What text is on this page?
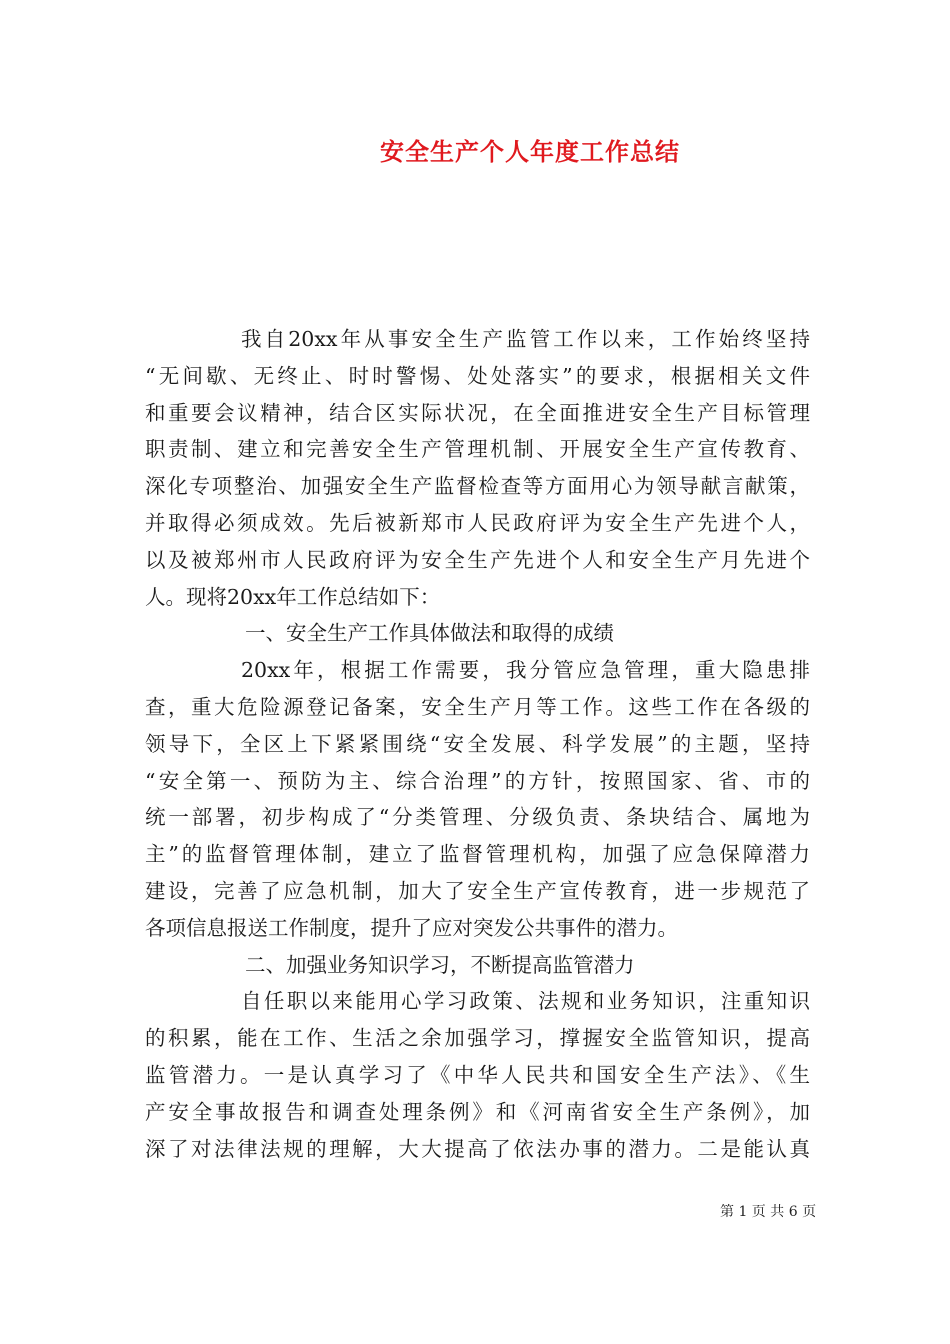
安全生产个人年度工作总结
我自20xx年从事安全生产监管工作以来，工作始终坚持
“无间歇、无终止、时时警惕、处处落实”的要求，根据相关文件
和重要会议精神，结合区实际状况，在全面推进安全生产目标管理
职责制、建立和完善安全生产管理机制、开展安全生产宣传教育、
深化专项整治、加强安全生产监督检查等方面用心为领导献言献策，
并取得必须成效。先后被新郑市人民政府评为安全生产先进个人，
以及被郑州市人民政府评为安全生产先进个人和安全生产月先进个
人。现将20xx年工作总结如下：
一、安全生产工作具体做法和取得的成绩
20xx年，根据工作需要，我分管应急管理，重大隐患排
查，重大危险源登记备案，安全生产月等工作。这些工作在各级的
领导下，全区上下紧紧围绕“安全发展、科学发展”的主题，坚持
“安全第一、预防为主、综合治理”的方针，按照国家、省、市的
统一部署，初步构成了“分类管理、分级负责、条块结合、属地为
主”的监督管理体制，建立了监督管理机构，加强了应急保障潜力
建设，完善了应急机制，加大了安全生产宣传教育，进一步规范了
各项信息报送工作制度，提升了应对突发公共事件的潜力。
二、加强业务知识学习，不断提高监管潜力
自任职以来能用心学习政策、法规和业务知识，注重知识
的积累，能在工作、生活之余加强学习，撑握安全监管知识，提高
监管潜力。一是认真学习了《中华人民共和国安全生产法》、《生
产安全事故报告和调查处理条例》和《河南省安全生产条例》，加
深了对法律法规的理解，大大提高了依法办事的潜力。二是能认真
第 1 页 共 6 页
